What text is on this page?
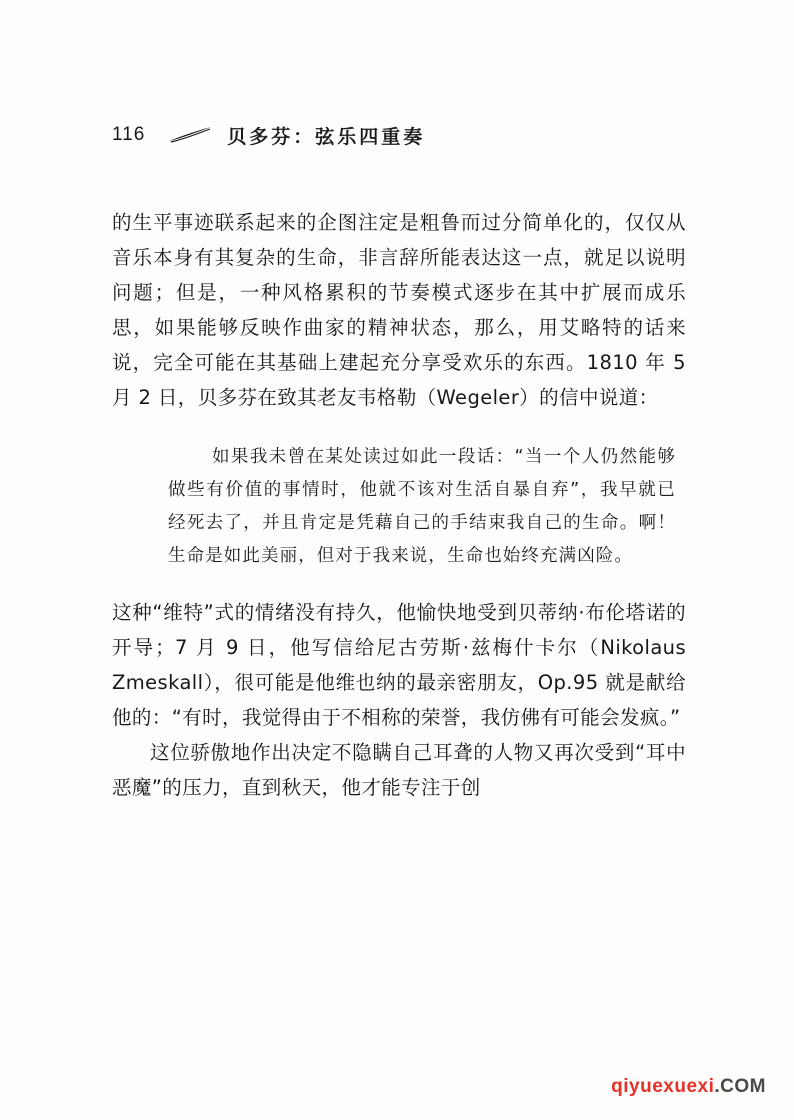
116	贝多芬：弦乐四重奏

的生平事迹联系起来的企图注定是粗鲁而过分简单化的，仅仅从音乐本身有其复杂的生命，非言辞所能表达这一点，就足以说明问题；但是，一种风格累积的节奏模式逐步在其中扩展而成乐思，如果能够反映作曲家的精神状态，那么，用艾略特的话来说，完全可能在其基础上建起充分享受欢乐的东西。1810 年 5 月 2 日，贝多芬在致其老友韦格勒（Wegeler）的信中说道：

如果我未曾在某处读过如此一段话：“当一个人仍然能够做些有价值的事情时，他就不该对生活自暴自弃”，我早就已经死去了，并且肯定是凭藉自己的手结束我自己的生命。啊！生命是如此美丽，但对于我来说，生命也始终充满凶险。

这种“维特”式的情绪没有持久，他愉快地受到贝蒂纳·布伦塔诺的开导；7 月 9 日，他写信给尼古劳斯·兹梅什卡尔（Nikolaus Zmeskall），很可能是他维也纳的最亲密朋友，Op.95 就是献给他的：“有时，我觉得由于不相称的荣誉，我仿佛有可能会发疯。”

这位骄傲地作出决定不隐瞒自己耳聋的人物又再次受到“耳中恶魔”的压力，直到秋天，他才能专注于创

qiyuexuexi.COM
